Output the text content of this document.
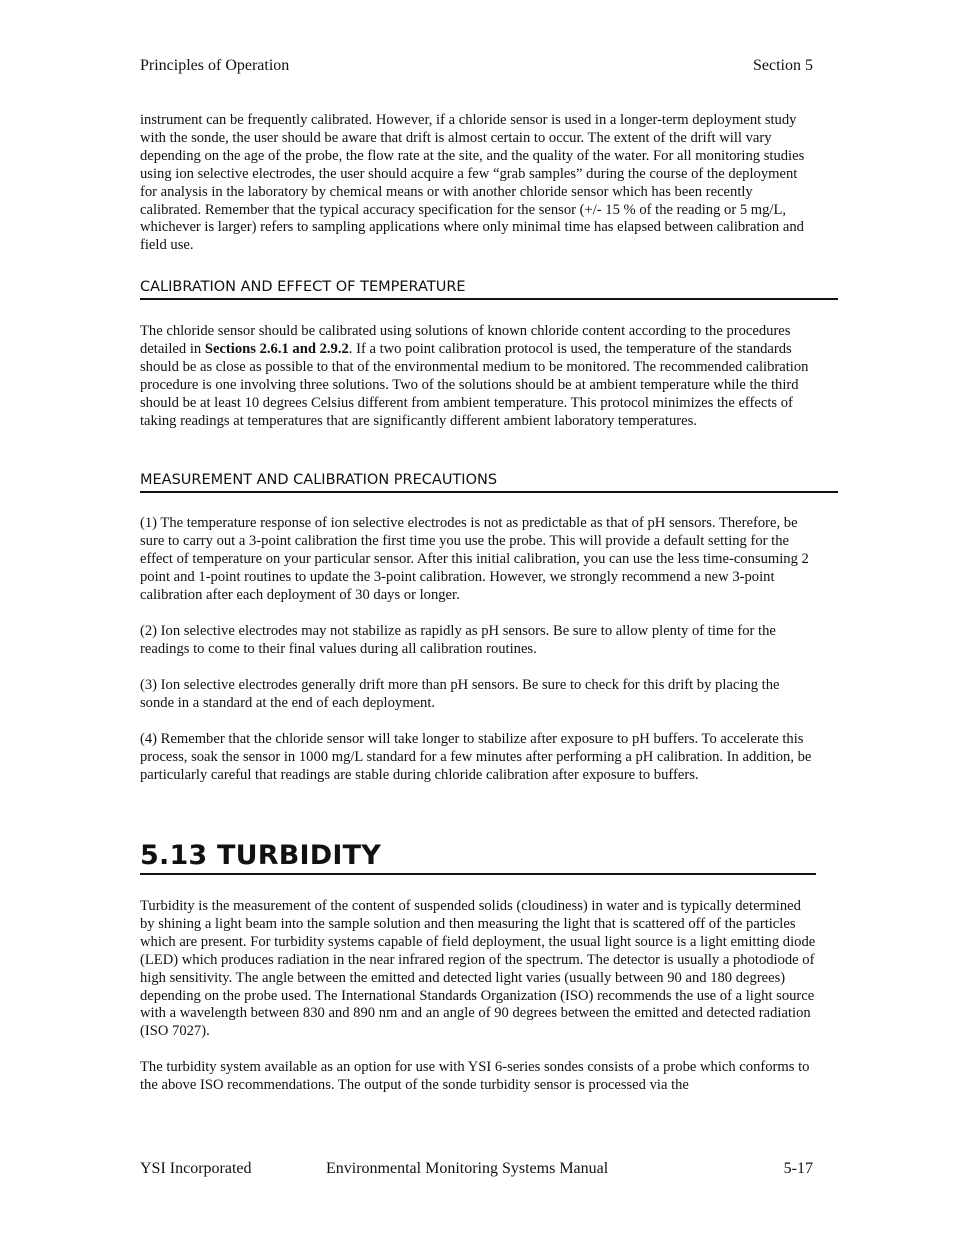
Principles of Operation	Section 5
instrument can be frequently calibrated. However, if a chloride sensor is used in a longer-term deployment study with the sonde, the user should be aware that drift is almost certain to occur. The extent of the drift will vary depending on the age of the probe, the flow rate at the site, and the quality of the water. For all monitoring studies using ion selective electrodes, the user should acquire a few “grab samples” during the course of the deployment for analysis in the laboratory by chemical means or with another chloride sensor which has been recently calibrated. Remember that the typical accuracy specification for the sensor (+/- 15 % of the reading or 5 mg/L, whichever is larger) refers to sampling applications where only minimal time has elapsed between calibration and field use.
CALIBRATION AND EFFECT OF TEMPERATURE
The chloride sensor should be calibrated using solutions of known chloride content according to the procedures detailed in Sections 2.6.1 and 2.9.2. If a two point calibration protocol is used, the temperature of the standards should be as close as possible to that of the environmental medium to be monitored. The recommended calibration procedure is one involving three solutions. Two of the solutions should be at ambient temperature while the third should be at least 10 degrees Celsius different from ambient temperature. This protocol minimizes the effects of taking readings at temperatures that are significantly different ambient laboratory temperatures.
MEASUREMENT AND CALIBRATION PRECAUTIONS
(1) The temperature response of ion selective electrodes is not as predictable as that of pH sensors. Therefore, be sure to carry out a 3-point calibration the first time you use the probe. This will provide a default setting for the effect of temperature on your particular sensor. After this initial calibration, you can use the less time-consuming 2 point and 1-point routines to update the 3-point calibration. However, we strongly recommend a new 3-point calibration after each deployment of 30 days or longer.
(2) Ion selective electrodes may not stabilize as rapidly as pH sensors. Be sure to allow plenty of time for the readings to come to their final values during all calibration routines.
(3) Ion selective electrodes generally drift more than pH sensors. Be sure to check for this drift by placing the sonde in a standard at the end of each deployment.
(4) Remember that the chloride sensor will take longer to stabilize after exposure to pH buffers. To accelerate this process, soak the sensor in 1000 mg/L standard for a few minutes after performing a pH calibration. In addition, be particularly careful that readings are stable during chloride calibration after exposure to buffers.
5.13 TURBIDITY
Turbidity is the measurement of the content of suspended solids (cloudiness) in water and is typically determined by shining a light beam into the sample solution and then measuring the light that is scattered off of the particles which are present. For turbidity systems capable of field deployment, the usual light source is a light emitting diode (LED) which produces radiation in the near infrared region of the spectrum. The detector is usually a photodiode of high sensitivity. The angle between the emitted and detected light varies (usually between 90 and 180 degrees) depending on the probe used. The International Standards Organization (ISO) recommends the use of a light source with a wavelength between 830 and 890 nm and an angle of 90 degrees between the emitted and detected radiation (ISO 7027).
The turbidity system available as an option for use with YSI 6-series sondes consists of a probe which conforms to the above ISO recommendations. The output of the sonde turbidity sensor is processed via the
YSI Incorporated	Environmental Monitoring Systems Manual	5-17
